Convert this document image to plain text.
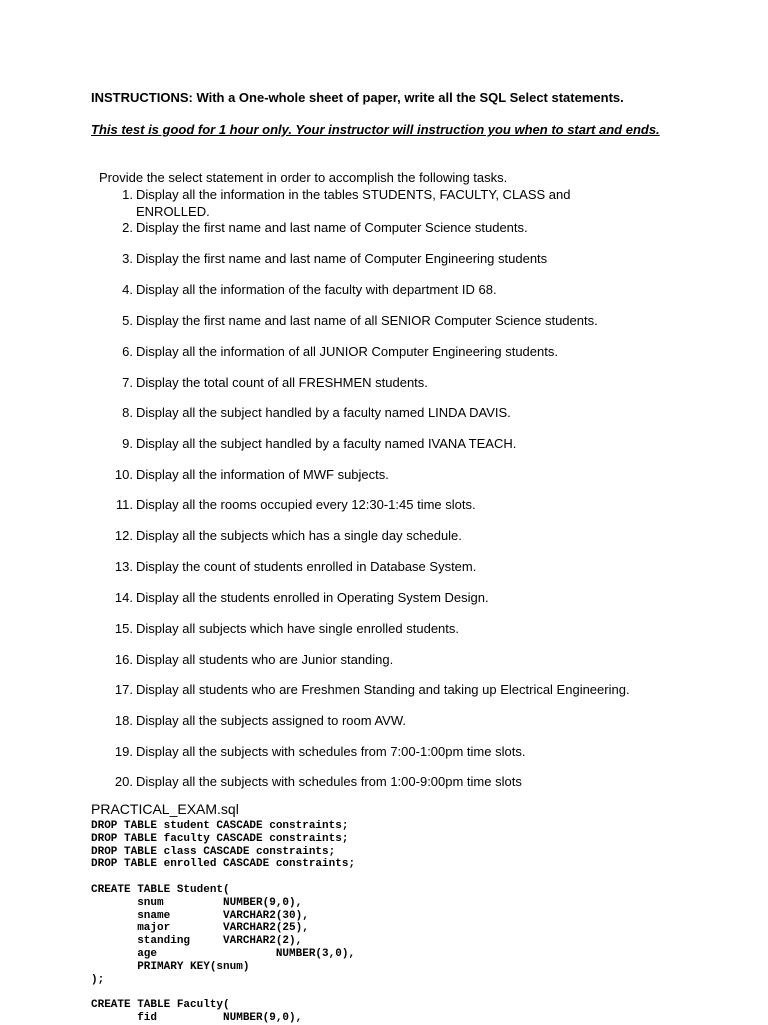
INSTRUCTIONS: With a One-whole sheet of paper, write all the SQL Select statements.
This test is good for 1 hour only. Your instructor will instruction you when to start and ends.
Provide the select statement in order to accomplish the following tasks.
1. Display all the information in the tables STUDENTS, FACULTY, CLASS and
ENROLLED.
2. Display the first name and last name of Computer Science students.
3. Display the first name and last name of Computer Engineering students
4. Display all the information of the faculty with department ID 68.
5. Display the first name and last name of all SENIOR Computer Science students.
6. Display all the information of all JUNIOR Computer Engineering students.
7. Display the total count of all FRESHMEN students.
8. Display all the subject handled by a faculty named LINDA DAVIS.
9. Display all the subject handled by a faculty named IVANA TEACH.
10. Display all the information of MWF subjects.
11. Display all the rooms occupied every 12:30-1:45 time slots.
12. Display all the subjects which has a single day schedule.
13. Display the count of students enrolled in Database System.
14. Display all the students enrolled in Operating System Design.
15. Display all subjects which have single enrolled students.
16. Display all students who are Junior standing.
17. Display all students who are Freshmen Standing and taking up Electrical Engineering.
18. Display all the subjects assigned to room AVW.
19. Display all the subjects with schedules from 7:00-1:00pm time slots.
20. Display all the subjects with schedules from 1:00-9:00pm time slots
PRACTICAL_EXAM.sql
DROP TABLE student CASCADE constraints;
DROP TABLE faculty CASCADE constraints;
DROP TABLE class CASCADE constraints;
DROP TABLE enrolled CASCADE constraints;

CREATE TABLE Student(
snum         NUMBER(9,0),
sname        VARCHAR2(30),
major        VARCHAR2(25),
standing     VARCHAR2(2),
age                  NUMBER(3,0),
PRIMARY KEY(snum)
);

CREATE TABLE Faculty(
fid          NUMBER(9,0),
